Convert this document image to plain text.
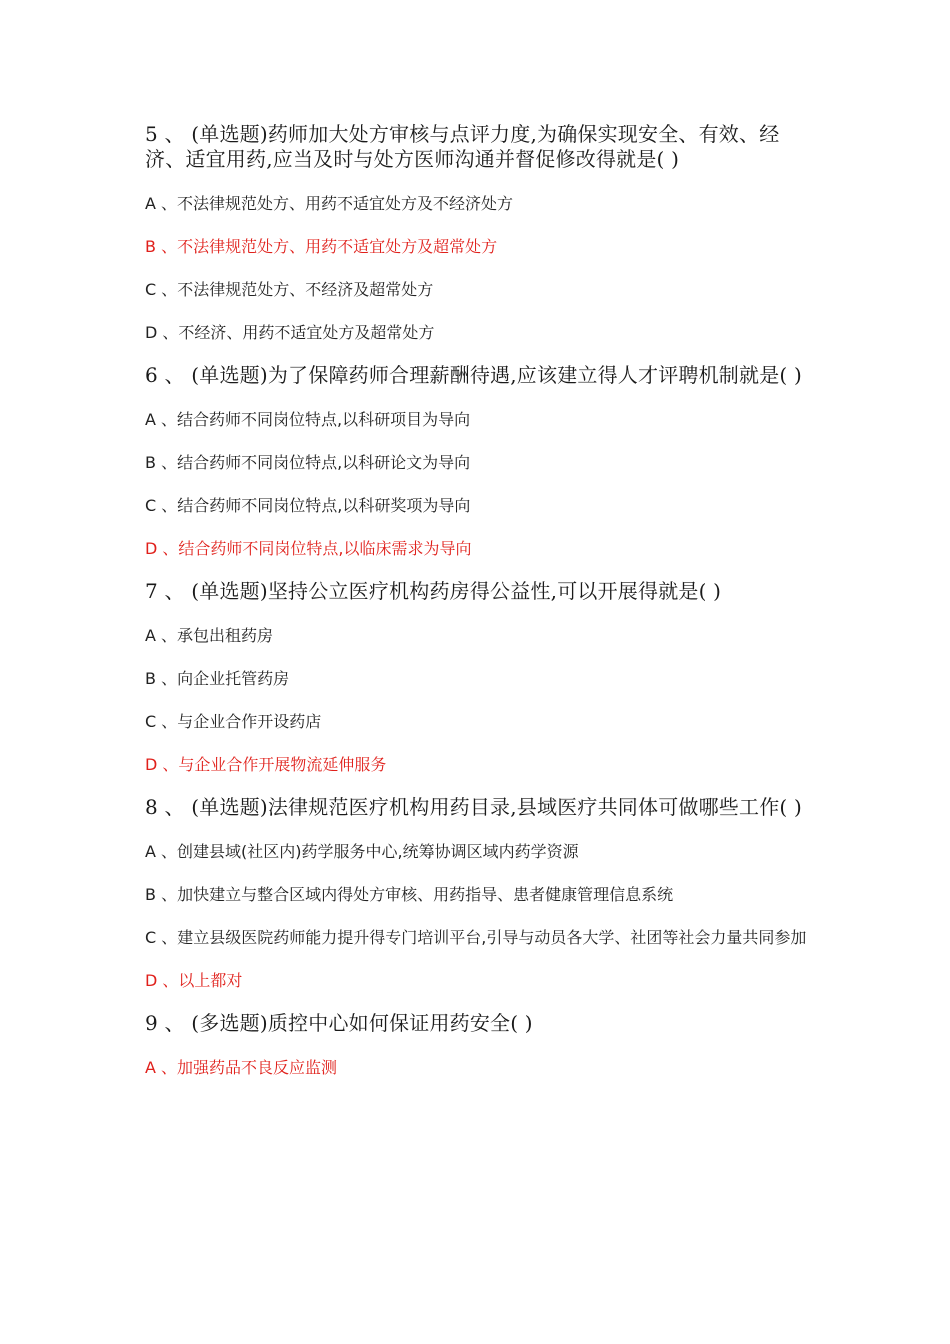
5 、 (单选题)药师加大处方审核与点评力度,为确保实现安全、有效、经济、适宜用药,应当及时与处方医师沟通并督促修改得就是( )
A 、不法律规范处方、用药不适宜处方及不经济处方
B 、不法律规范处方、用药不适宜处方及超常处方
C 、不法律规范处方、不经济及超常处方
D 、不经济、用药不适宜处方及超常处方
6 、 (单选题)为了保障药师合理薪酬待遇,应该建立得人才评聘机制就是( )
A 、结合药师不同岗位特点,以科研项目为导向
B 、结合药师不同岗位特点,以科研论文为导向
C 、结合药师不同岗位特点,以科研奖项为导向
D 、结合药师不同岗位特点,以临床需求为导向
7 、 (单选题)坚持公立医疗机构药房得公益性,可以开展得就是( )
A 、承包出租药房
B 、向企业托管药房
C 、与企业合作开设药店
D 、与企业合作开展物流延伸服务
8 、 (单选题)法律规范医疗机构用药目录,县域医疗共同体可做哪些工作( )
A 、创建县域(社区内)药学服务中心,统筹协调区域内药学资源
B 、加快建立与整合区域内得处方审核、用药指导、患者健康管理信息系统
C 、建立县级医院药师能力提升得专门培训平台,引导与动员各大学、社团等社会力量共同参加
D 、以上都对
9 、 (多选题)质控中心如何保证用药安全( )
A 、加强药品不良反应监测
